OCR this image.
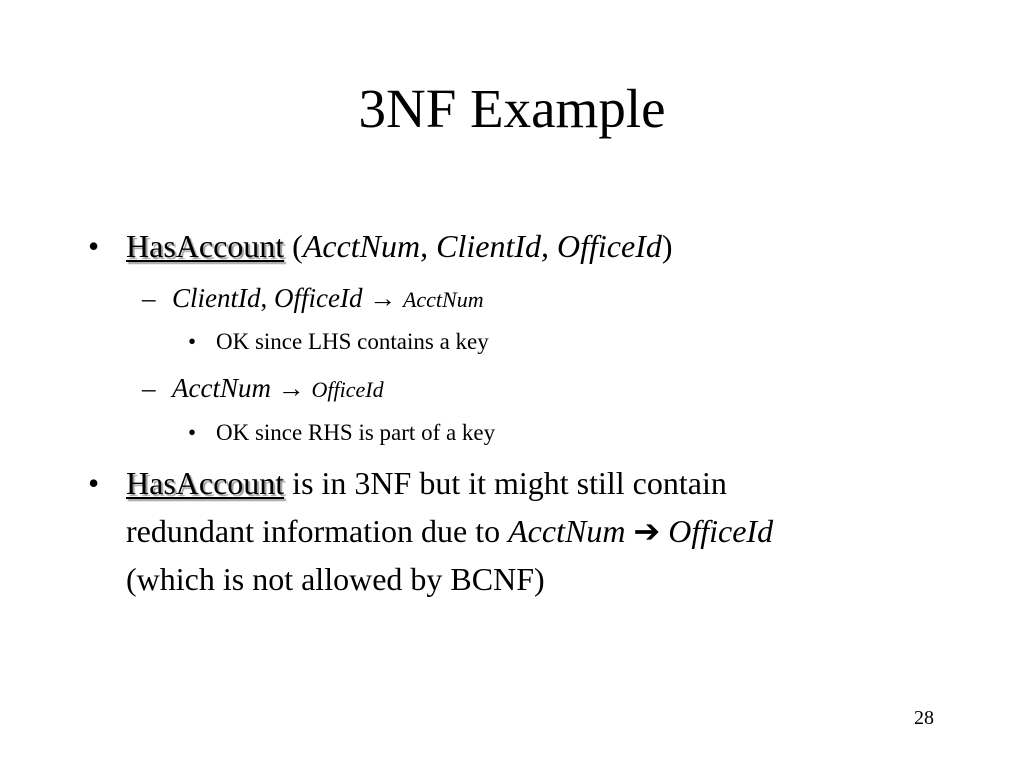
3NF Example
• HasAccount (AcctNum, ClientId, OfficeId)
– ClientId, OfficeId → AcctNum
• OK since LHS contains a key
– AcctNum → OfficeId
• OK since RHS is part of a key
• HasAccount is in 3NF but it might still contain
redundant information due to AcctNum ➔ OfficeId
(which is not allowed by BCNF)
28
